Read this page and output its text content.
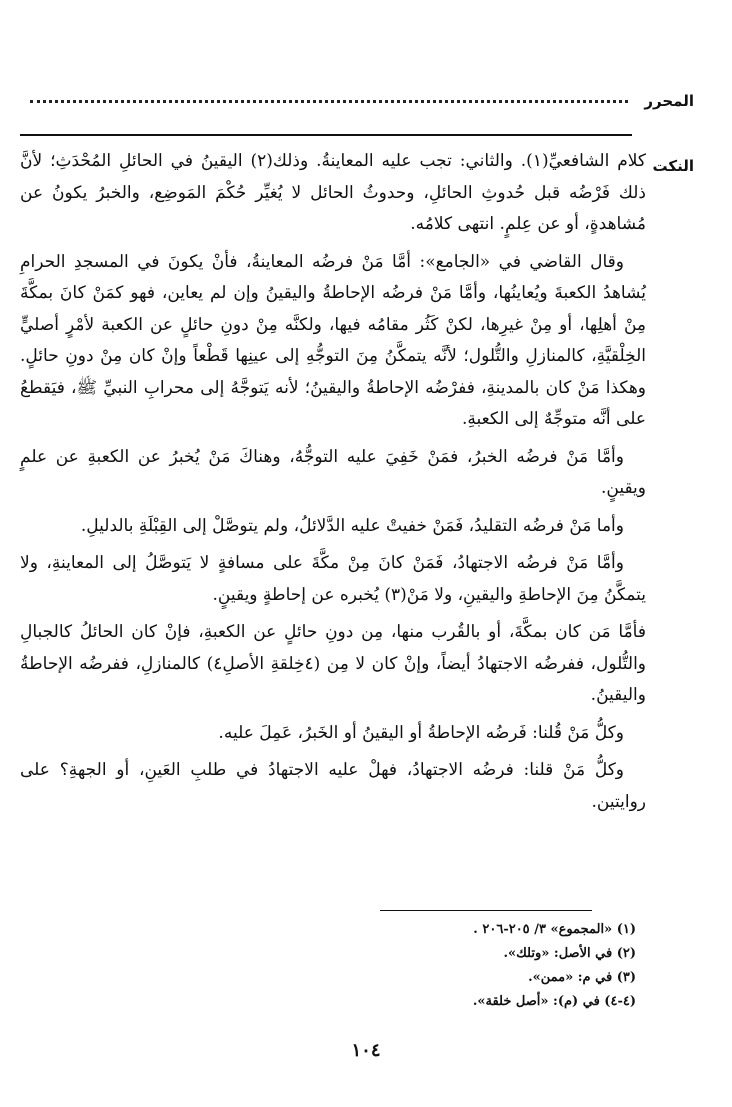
المحرر
النكت

كلام الشافعيِّ(١). والثاني: تجب عليه المعاينةُ. وذلك(٢) اليقينُ في الحائلِ المُحْدَثِ؛ لأنَّ ذلك فَرْضُه قبل حُدوثِ الحائلِ، وحدوثُ الحائل لا يُغيِّر حُكْمَ المَوضِع، والخبرُ يكونُ عن مُشاهدةٍ، أو عن عِلمٍ. انتهى كلامُه.

وقال القاضي في «الجامع»: أمَّا مَنْ فرضُه المعاينةُ، فأنْ يكونَ في المسجدِ الحرامِ يُشاهدُ الكعبةَ ويُعاينُها، وأمَّا مَنْ فرضُه الإحاطةُ واليقينُ وإن لم يعاين، فهو كمَنْ كانَ بمكَّةَ مِنْ أهلِها، أو مِنْ غيرِها، لكنْ كَثُر مقامُه فيها، ولكنَّه مِنْ دونِ حائلٍ عن الكعبة لأمْرٍ أصليٍّ الخِلْقيَّةِ، كالمنازلِ والتُّلول؛ لأنَّه يتمكَّنُ مِنَ التوجُّهِ إلى عينِها قَطْعاً وإنْ كان مِنْ دونِ حائلٍ. وهكذا مَنْ كان بالمدينةِ، ففرْضُه الإحاطةُ واليقينُ؛ لأنه يَتوجَّهُ إلى محرابِ النبيِّ ﷺ، فيَقطعُ على أنَّه متوجِّهٌ إلى الكعبةِ.

وأمَّا مَنْ فرضُه الخبرُ، فمَنْ خَفِيَ عليه التوجُّهُ، وهناكَ مَنْ يُخبرُ عن الكعبةِ عن علمٍ ويقينٍ.

وأما مَنْ فرضُه التقليدُ، فَمَنْ خفيتْ عليه الدَّلائلُ، ولم يتوصَّلْ إلى القِبْلَةِ بالدليلِ.

وأمَّا مَنْ فرضُه الاجتهادُ، فَمَنْ كانَ مِنْ مكَّةَ على مسافةٍ لا يَتوصَّلُ إلى المعاينةِ، ولا يتمكَّنُ مِنَ الإحاطةِ واليقينِ، ولا مَنْ(٣) يُخبره عن إحاطةٍ ويقينٍ.

فأمَّا مَن كان بمكَّةَ، أو بالقُرب منها، مِن دونِ حائلٍ عن الكعبةِ، فإنْ كان الحائلُ كالجبالِ والتُّلول، ففرضُه الاجتهادُ أيضاً، وإنْ كان لا مِن (٤خِلقةِ الأصلِ٤) كالمنازلِ، ففرضُه الإحاطةُ واليقينُ.

وكلُّ مَنْ قُلنا: فَرضُه الإحاطةُ أو اليقينُ أو الخَبرُ، عَمِلَ عليه.

وكلُّ مَنْ قلنا: فرضُه الاجتهادُ، فهلْ عليه الاجتهادُ في طلبِ العَينِ، أو الجهةِ؟ على روايتين.

(١) «المجموع» ٣/ ٢٠٥-٢٠٦ .
(٢) في الأصل: «وتلك».
(٣) في م: «ممن».
(٤-٤) في (م): «أصل خلقة».
١٠٤
